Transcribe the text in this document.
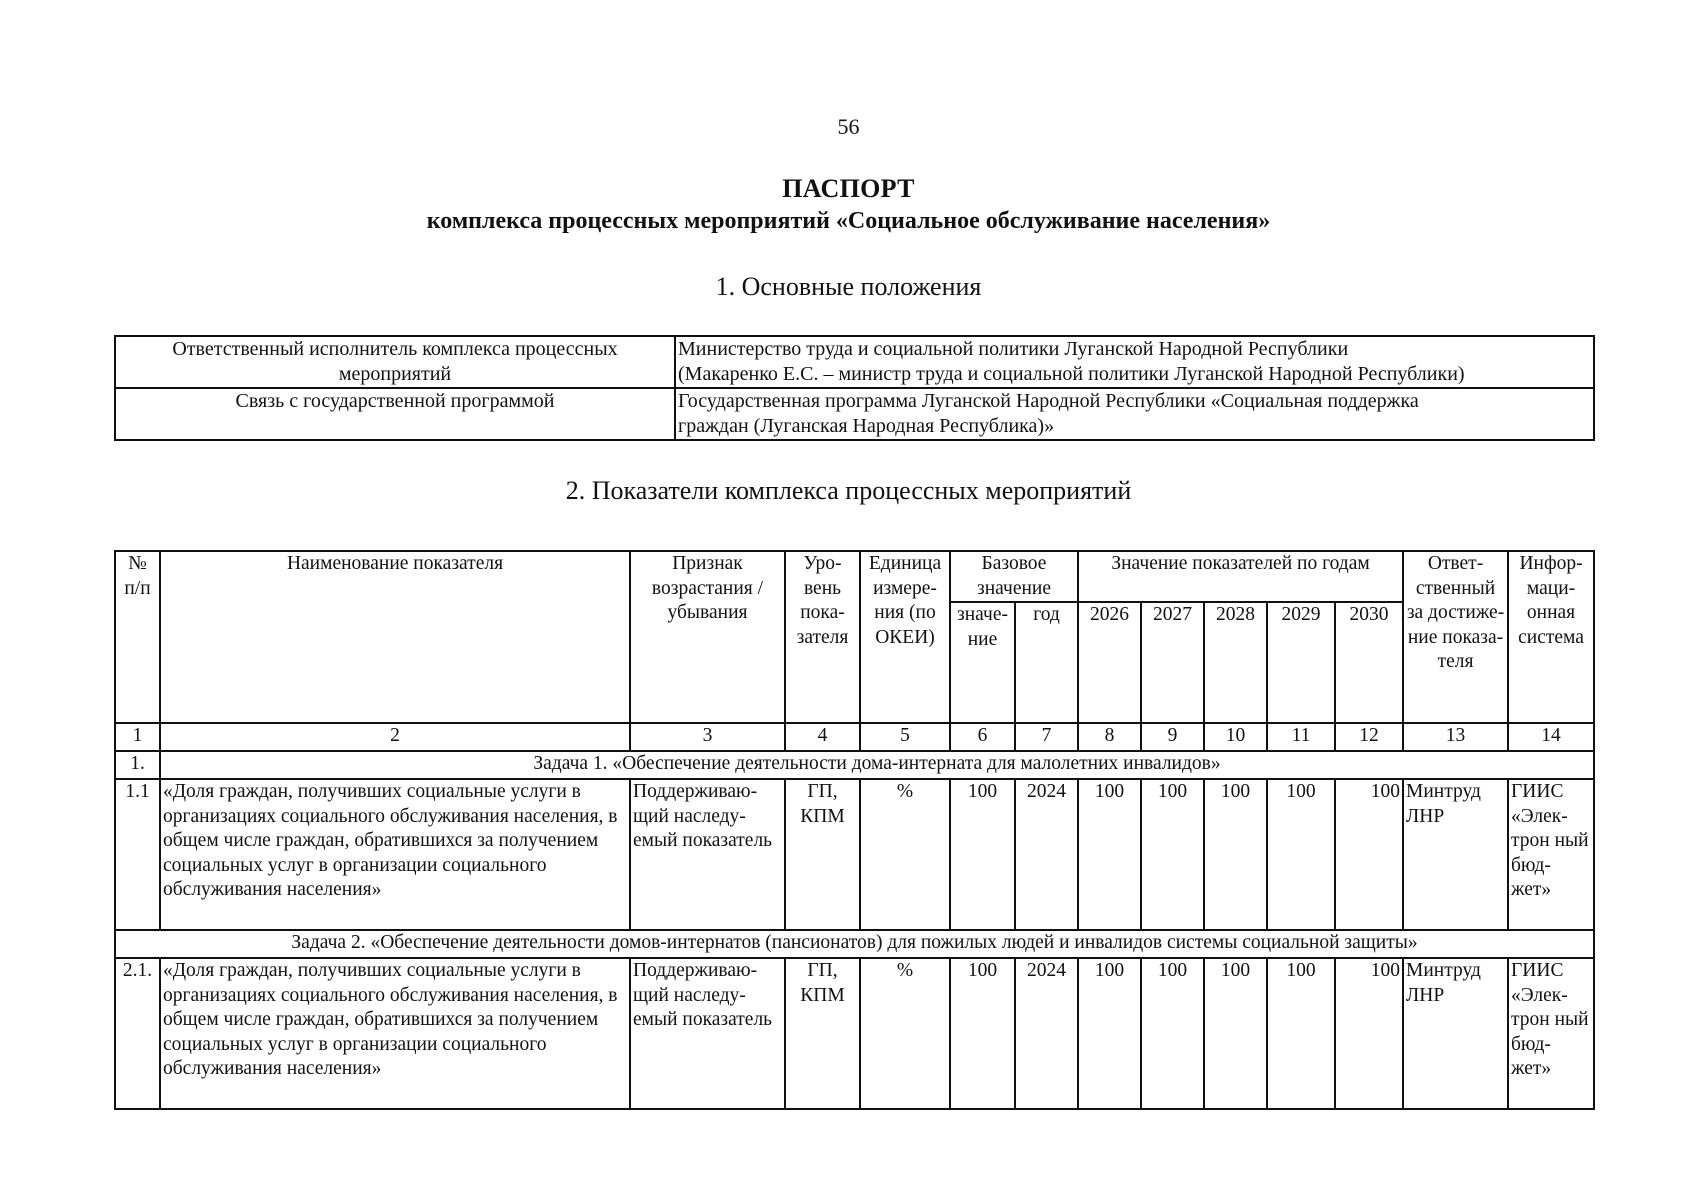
56
ПАСПОРТ
комплекса процессных мероприятий «Социальное обслуживание населения»
1. Основные положения
Ответственный исполнитель комплекса процессных мероприятий	Министерство труда и социальной политики Луганской Народной Республики
(Макаренко Е.С. – министр труда и социальной политики Луганской Народной Республики)

Связь с государственной программой	Государственная программа Луганской Народной Республики «Социальная поддержка
граждан (Луганская Народная Республика)»
2. Показатели комплекса процессных мероприятий
№ п/п	Наименование показателя	Признак возрастания / убывания	Уро-вень пока-зателя	Единица измере-ния (по ОКЕИ)	Базовое значение		Значение показателей по годам					Ответ-ственный за достиже-ние показа-теля	Инфор-маци-онная система
					значе-ние	год	2026	2027	2028	2029	2030		
1	2	3	4	5	6	7	8	9	10	11	12	13	14
1.	Задача 1. «Обеспечение деятельности дома-интерната для малолетних инвалидов»												
1.1	«Доля граждан, получивших социальные услуги в организациях социального обслуживания населения, в общем числе граждан, обратившихся за получением социальных услуг в организации социального обслуживания населения»	Поддерживаю-щий наследу-емый показатель	ГП, КПМ	%	100	2024	100	100	100	100	100	Минтруд ЛНР	ГИИС «Элек-трон ный бюд-жет»
Задача 2. «Обеспечение деятельности домов-интернатов (пансионатов) для пожилых людей и инвалидов системы социальной защиты»													
2.1.	«Доля граждан, получивших социальные услуги в организациях социального обслуживания населения, в общем числе граждан, обратившихся за получением социальных услуг в организации социального обслуживания населения»	Поддерживаю-щий наследу-емый показатель	ГП, КПМ	%	100	2024	100	100	100	100	100	Минтруд ЛНР	ГИИС «Элек-трон ный бюд-жет»
